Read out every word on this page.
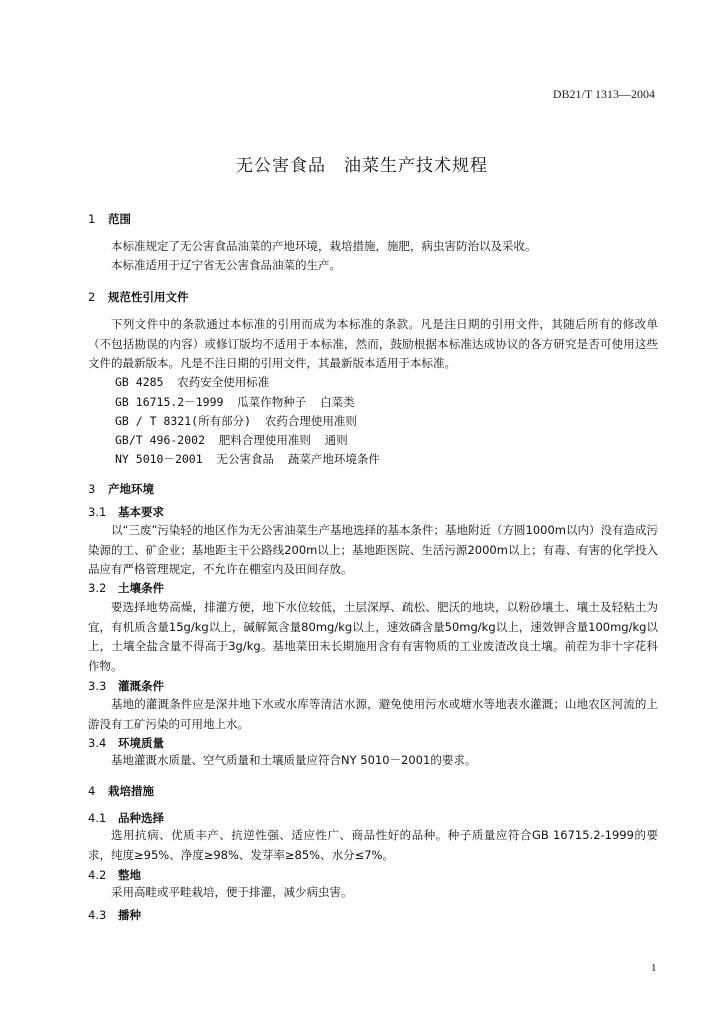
DB21/T 1313—2004
无公害食品　油菜生产技术规程
1 范围
本标准规定了无公害食品油菜的产地环境，栽培措施，施肥，病虫害防治以及采收。
本标准适用于辽宁省无公害食品油菜的生产。
2 规范性引用文件
下列文件中的条款通过本标准的引用而成为本标准的条款。凡是注日期的引用文件，其随后所有的修改单（不包括勘误的内容）或修订版均不适用于本标准，然而，鼓励根据本标准达成协议的各方研究是否可使用这些文件的最新版本。凡是不注日期的引用文件，其最新版本适用于本标准。
GB 4285  农药安全使用标准
GB 16715.2－1999  瓜菜作物种子  白菜类
GB / T 8321(所有部分)  农药合理使用准则
GB/T 496-2002  肥料合理使用准则  通则
NY 5010－2001  无公害食品  蔬菜产地环境条件
3 产地环境
3.1 基本要求
以“三废”污染轻的地区作为无公害油菜生产基地选择的基本条件；基地附近（方圆1000m以内）没有造成污染源的工、矿企业；基地距主干公路线200m以上；基地距医院、生活污源2000m以上；有毒、有害的化学投入品应有严格管理规定，不允许在棚室内及田间存放。
3.2 土壤条件
要选择地势高燥，排灌方便，地下水位较低，土层深厚、疏松、肥沃的地块，以粉砂壤土、壤土及轻粘土为宜，有机质含量15g/kg以上，碱解氮含量80mg/kg以上，速效磷含量50mg/kg以上，速效钾含量100mg/kg以上，土壤全盐含量不得高于3g/kg。基地菜田未长期施用含有有害物质的工业废渣改良土壤。前茬为非十字花科作物。
3.3 灌溉条件
基地的灌溉条件应是深井地下水或水库等清洁水源，避免使用污水或塘水等地表水灌溉；山地农区河流的上游没有工矿污染的可用地上水。
3.4 环境质量
基地灌溉水质量、空气质量和土壤质量应符合NY 5010－2001的要求。
4 栽培措施
4.1 品种选择
选用抗病、优质丰产、抗逆性强、适应性广、商品性好的品种。种子质量应符合GB 16715.2-1999的要求，纯度≥95%、净度≥98%、发芽率≥85%、水分≤7%。
4.2 整地
采用高畦或平畦栽培，便于排灌，减少病虫害。
4.3 播种
1
